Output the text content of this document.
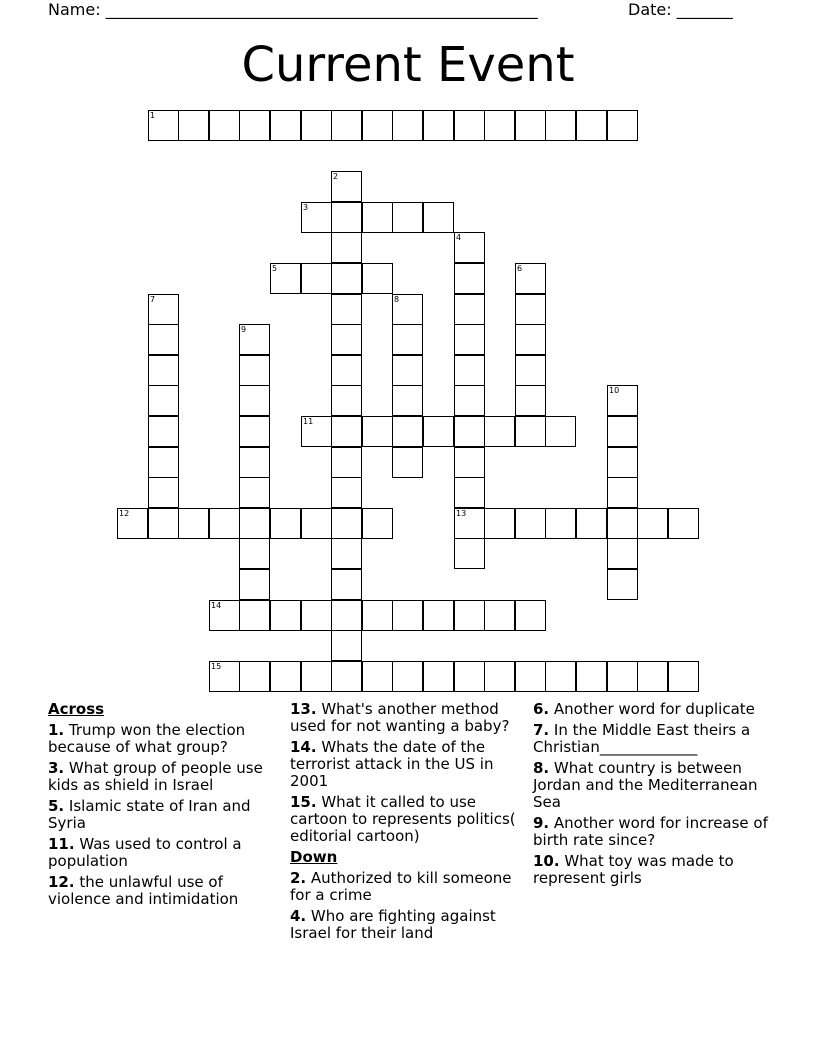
Name: ______________________________________________________	Date: _______
Current Event
1
2
3
4
13
5	6
7	8
9
10
11
12
14
15
Across
1. Trump won the election because of what group?
3. What group of people use kids as shield in Israel
5. Islamic state of Iran and Syria
11. Was used to control a population
12. the unlawful use of violence and intimidation
13. What's another method used for not wanting a baby?
14. Whats the date of the terrorist attack in the US in 2001
15. What it called to use cartoon to represents politics( editorial cartoon)
Down
2. Authorized to kill someone for a crime
4. Who are fighting against Israel for their land
6. Another word for duplicate
7. In the Middle East theirs a Christian_____________
8. What country is between Jordan and the Mediterranean Sea
9. Another word for increase of birth rate since?
10. What toy was made to represent girls
